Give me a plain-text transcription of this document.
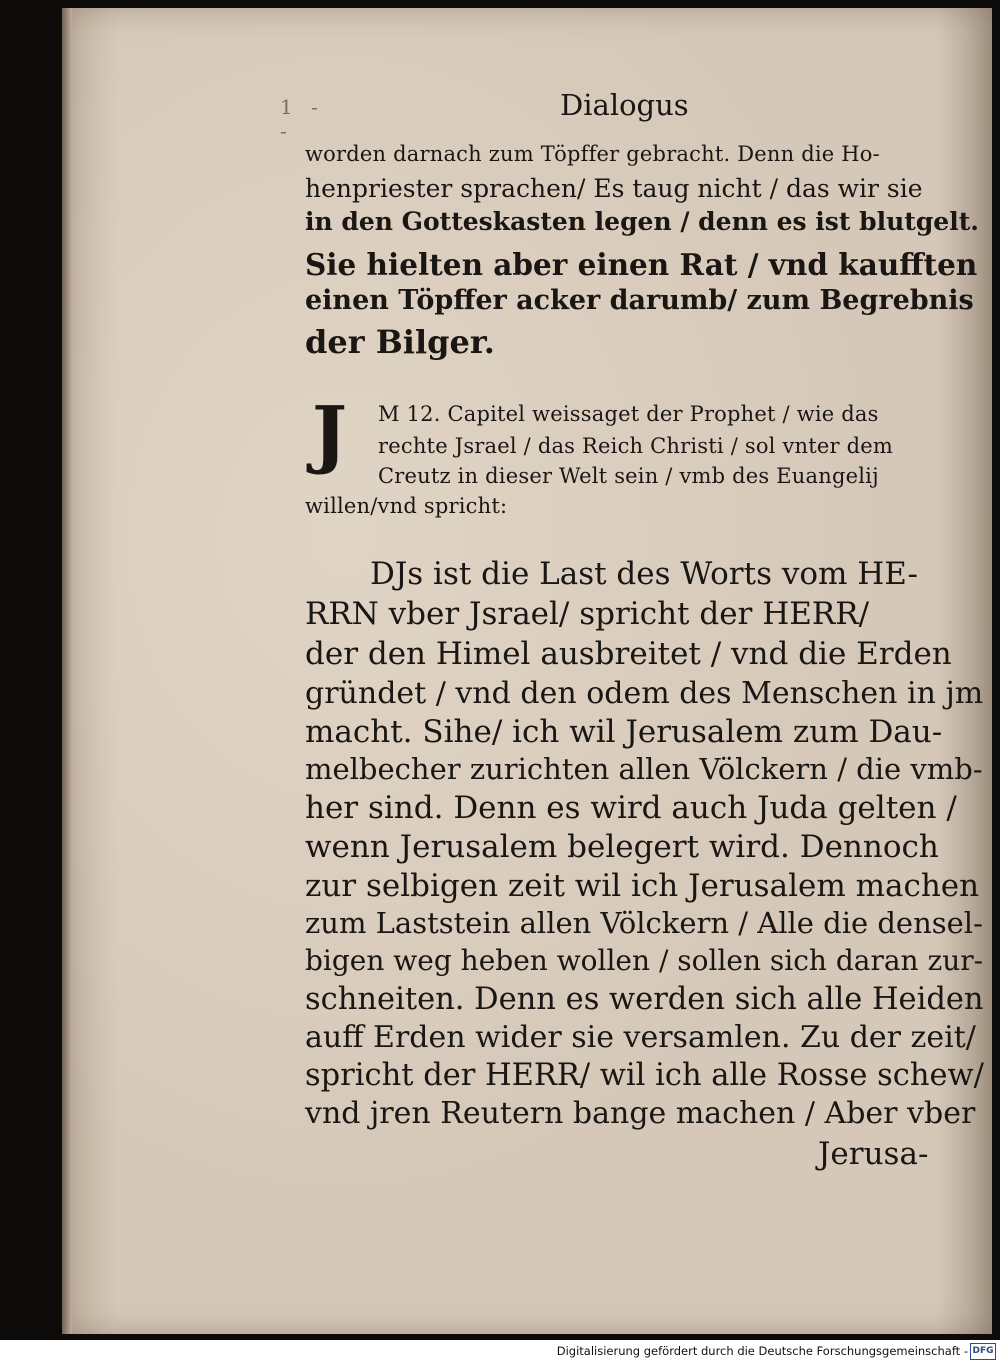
1 - -
Dialogus
worden darnach zum Töpffer gebracht. Denn die Ho-
henpriester sprachen/ Es taug nicht / das wir sie
in den Gotteskasten legen / denn es ist blutgelt.
Sie hielten aber einen Rat / vnd kaufften
einen Töpffer acker darumb/ zum Begrebnis
der Bilger.
J	M 12. Capitel weissaget der Prophet / wie das
rechte Jsrael / das Reich Christi / sol vnter dem
Creutz in dieser Welt sein / vmb des Euangelij
willen/vnd spricht:
DJs ist die Last des Worts vom HE-
RRN vber Jsrael/ spricht der HERR/
der den Himel ausbreitet / vnd die Erden
gründet / vnd den odem des Menschen in jm
macht. Sihe/ ich wil Jerusalem zum Dau-
melbecher zurichten allen Völckern / die vmb-
her sind. Denn es wird auch Juda gelten /
wenn Jerusalem belegert wird. Dennoch
zur selbigen zeit wil ich Jerusalem machen
zum Laststein allen Völckern / Alle die densel-
bigen weg heben wollen / sollen sich daran zur-
schneiten. Denn es werden sich alle Heiden
auff Erden wider sie versamlen. Zu der zeit/
spricht der HERR/ wil ich alle Rosse schew/
vnd jren Reutern bange machen / Aber vber
Jerusa-
Digitalisierung gefördert durch die Deutsche Forschungsgemeinschaft - DFG
